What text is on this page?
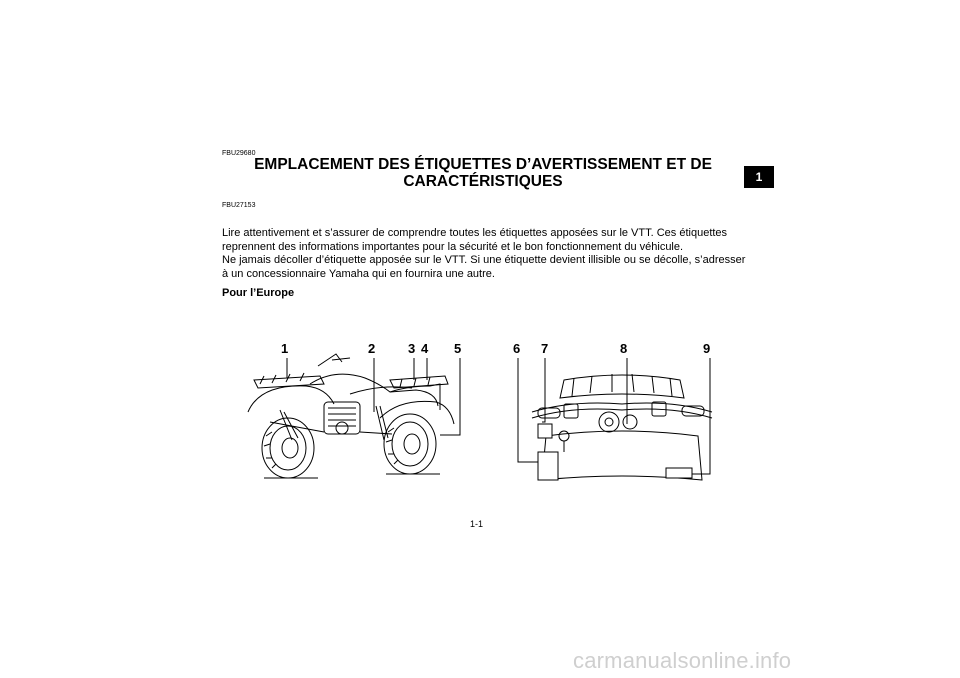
1
FBU29680
EMPLACEMENT DES ÉTIQUETTES D’AVERTISSEMENT ET DE CARACTÉRISTIQUES
FBU27153

Lire attentivement et s’assurer de comprendre toutes les étiquettes apposées sur le VTT. Ces étiquettes reprennent des informations importantes pour la sécurité et le bon fonctionnement du véhicule.

Ne jamais décoller d’étiquette apposée sur le VTT. Si une étiquette devient illisible ou se décolle, s’adresser à un concessionnaire Yamaha qui en fournira une autre.

Pour l’Europe
1	2	3 4 5	6 7	8	9
1-1
carmanualsonline.info
